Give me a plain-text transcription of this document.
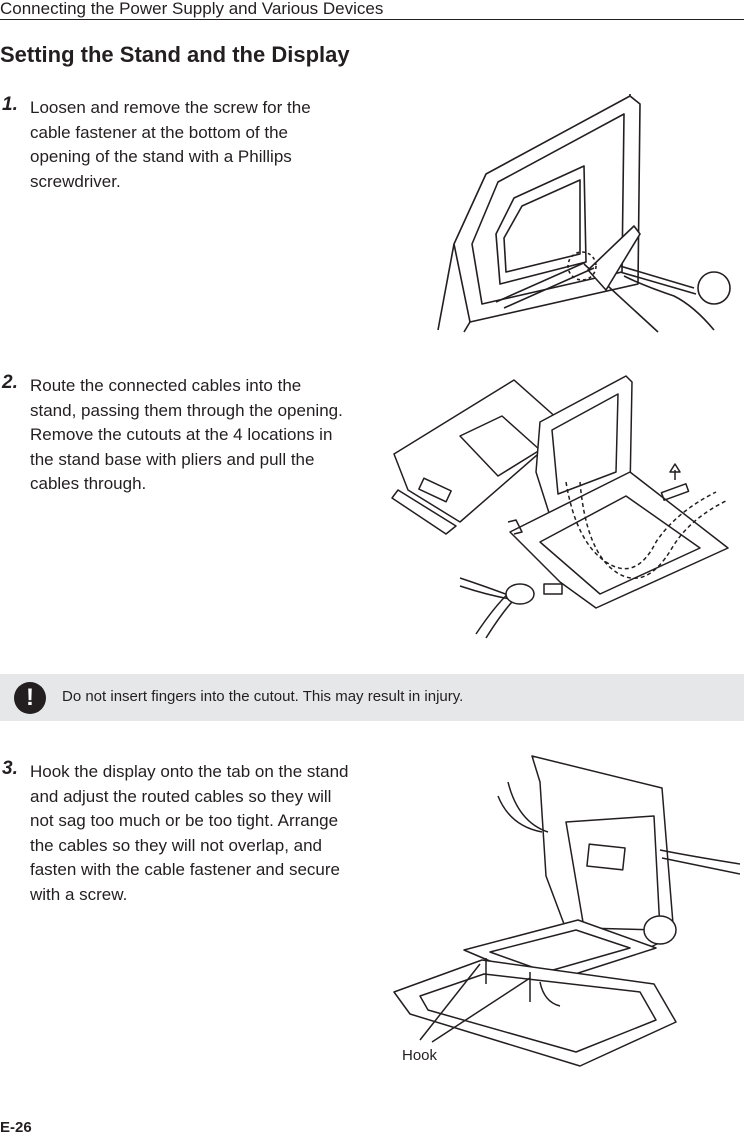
Connecting the Power Supply and Various Devices
Setting the Stand and the Display
1. Loosen and remove the screw for the cable fastener at the bottom of the opening of the stand with a Phillips screwdriver.
2. Route the connected cables into the stand, passing them through the opening. Remove the cutouts at the 4 locations in the stand base with pliers and pull the cables through.
!	Do not insert fingers into the cutout. This may result in injury.
3. Hook the display onto the tab on the stand and adjust the routed cables so they will not sag too much or be too tight. Arrange the cables so they will not overlap, and fasten with the cable fastener and secure with a screw.
Hook
E-26
